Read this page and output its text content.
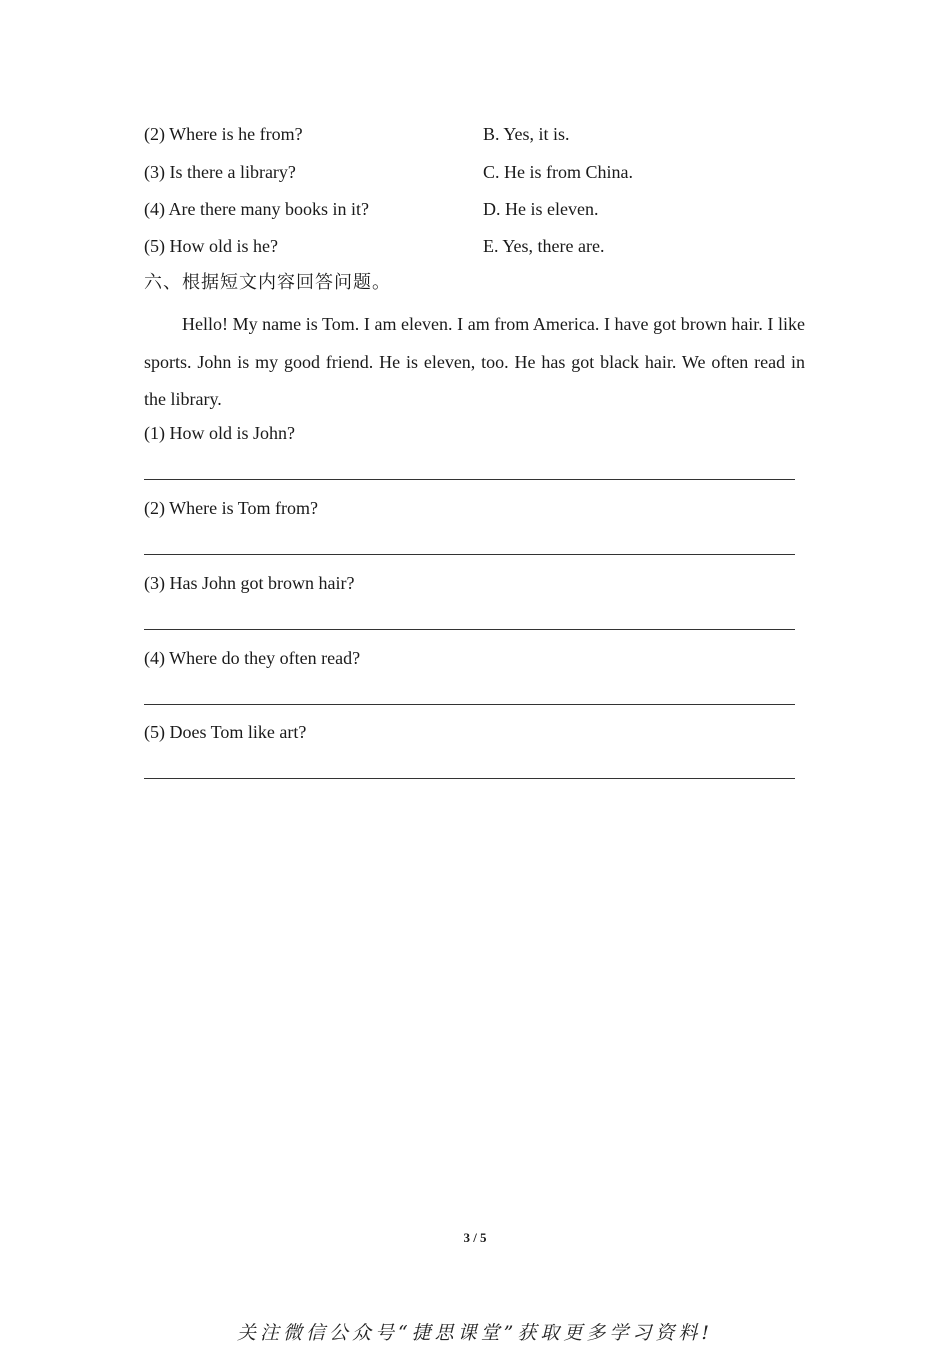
(2) Where is he from?	B. Yes, it is.
(3) Is there a library?	C. He is from China.
(4) Are there many books in it?	D. He is eleven.
(5) How old is he?	E. Yes, there are.
六、根据短文内容回答问题。
Hello! My name is Tom. I am eleven. I am from America. I have got brown hair. I like sports. John is my good friend. He is eleven, too. He has got black hair. We often read in the library.
(1) How old is John?
(2) Where is Tom from?
(3) Has John got brown hair?
(4) Where do they often read?
(5) Does Tom like art?
3 / 5
关注微信公众号“捷思课堂”获取更多学习资料!
